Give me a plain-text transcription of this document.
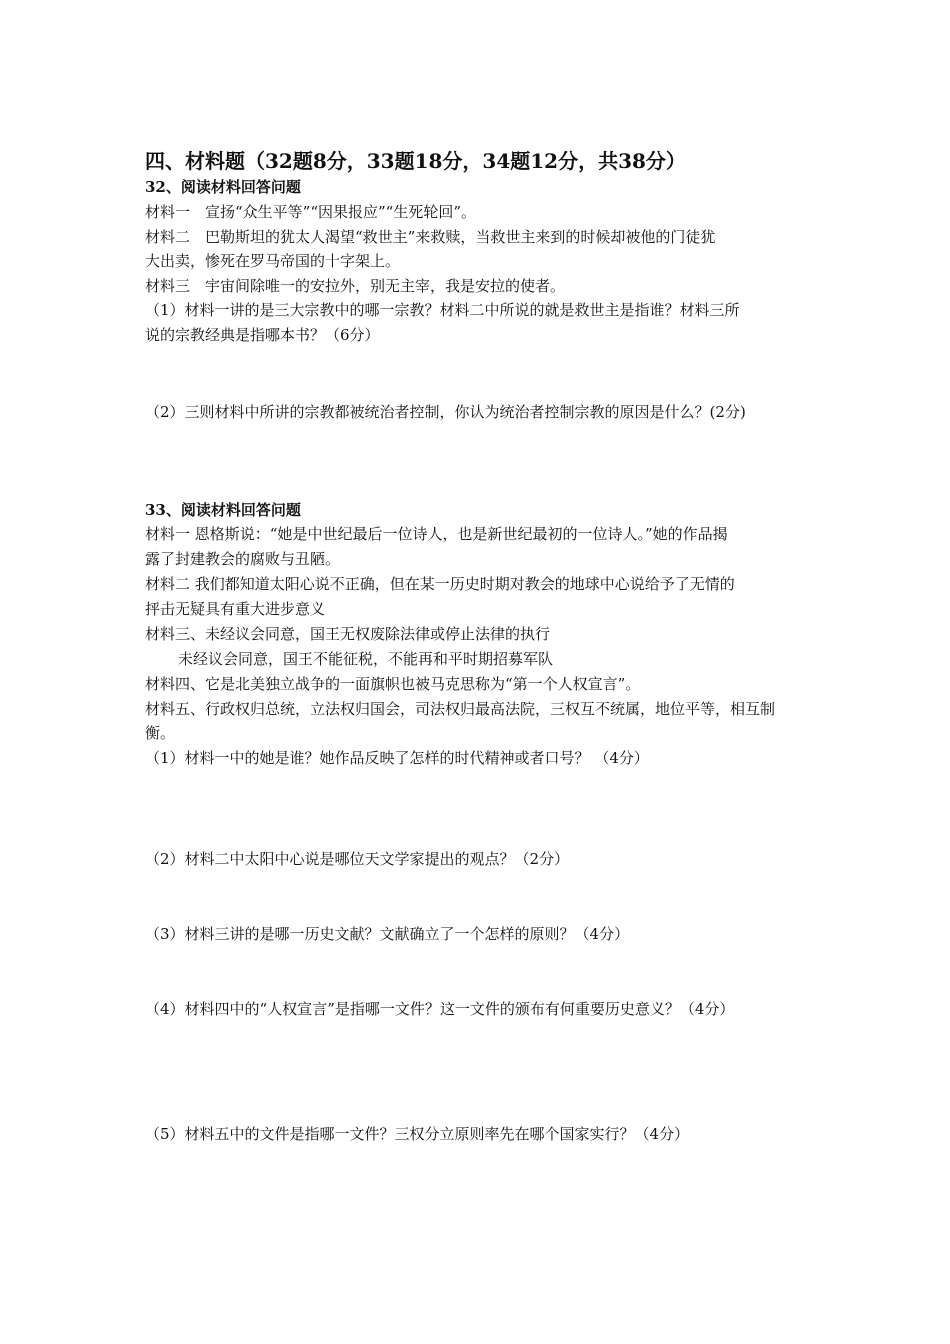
四、材料题（32题8分，33题18分，34题12分，共38分）
32、阅读材料回答问题
材料一　宣扬“众生平等”“因果报应”“生死轮回”。
材料二　巴勒斯坦的犹太人渴望“救世主”来救赎，当救世主来到的时候却被他的门徒犹
大出卖，惨死在罗马帝国的十字架上。
材料三　宇宙间除唯一的安拉外，别无主宰，我是安拉的使者。
（1）材料一讲的是三大宗教中的哪一宗教？材料二中所说的就是救世主是指谁？材料三所
说的宗教经典是指哪本书？（6分）
（2）三则材料中所讲的宗教都被统治者控制，你认为统治者控制宗教的原因是什么？(2分)
33、阅读材料回答问题
材料一 恩格斯说：“她是中世纪最后一位诗人，也是新世纪最初的一位诗人。”她的作品揭
露了封建教会的腐败与丑陋。
材料二 我们都知道太阳心说不正确，但在某一历史时期对教会的地球中心说给予了无情的
抨击无疑具有重大进步意义
材料三、未经议会同意，国王无权废除法律或停止法律的执行
未经议会同意，国王不能征税，不能再和平时期招募军队
材料四、它是北美独立战争的一面旗帜也被马克思称为“第一个人权宣言”。
材料五、行政权归总统，立法权归国会，司法权归最高法院，三权互不统属，地位平等，相互制
衡。
（1）材料一中的她是谁？她作品反映了怎样的时代精神或者口号？ （4分）
（2）材料二中太阳中心说是哪位天文学家提出的观点？（2分）
（3）材料三讲的是哪一历史文献？文献确立了一个怎样的原则？（4分）
（4）材料四中的“人权宣言”是指哪一文件？这一文件的颁布有何重要历史意义？（4分）
（5）材料五中的文件是指哪一文件？三权分立原则率先在哪个国家实行？（4分）
